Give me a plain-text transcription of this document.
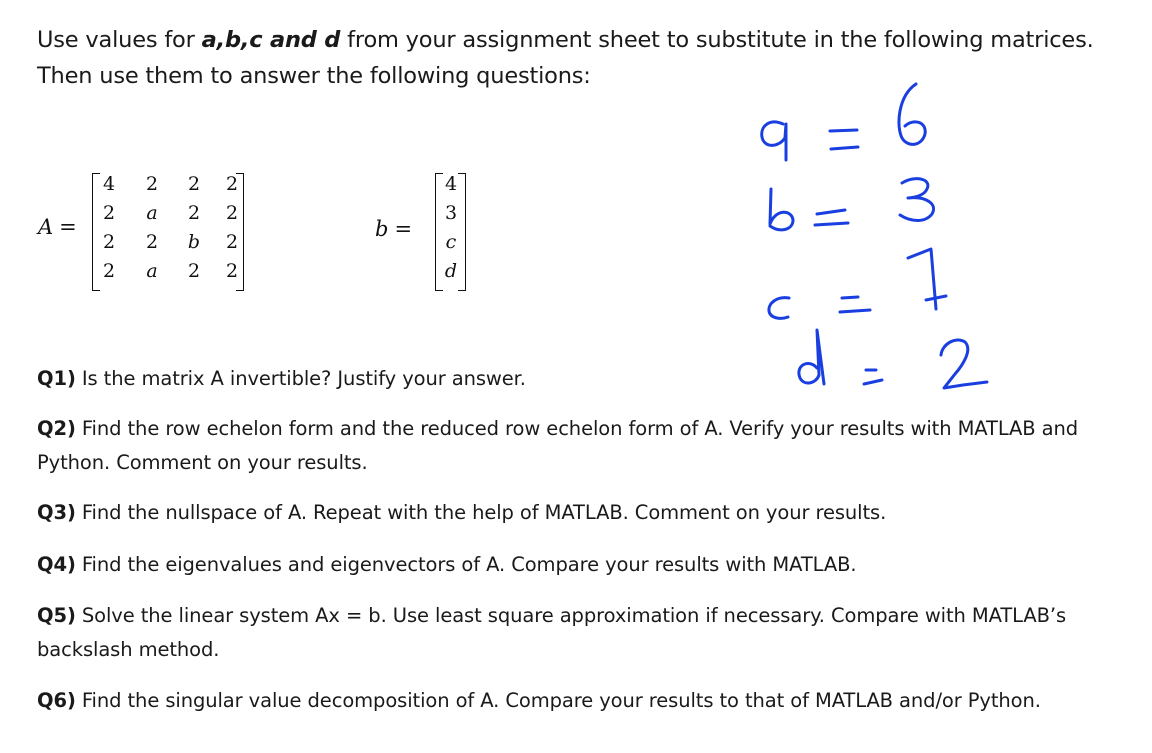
Use values for a,b,c and d from your assignment sheet to substitute in the following matrices.
Then use them to answer the following questions:
A =
4 2 2 2
2 a 2 2
2 2 b 2
2 a 2 2
b =
4
3
c
d
Q1) Is the matrix A invertible? Justify your answer.
Q2) Find the row echelon form and the reduced row echelon form of A. Verify your results with MATLAB and Python. Comment on your results.
Q3) Find the nullspace of A. Repeat with the help of MATLAB. Comment on your results.
Q4) Find the eigenvalues and eigenvectors of A. Compare your results with MATLAB.
Q5) Solve the linear system Ax = b. Use least square approximation if necessary. Compare with MATLAB’s backslash method.
Q6) Find the singular value decomposition of A. Compare your results to that of MATLAB and/or Python.
